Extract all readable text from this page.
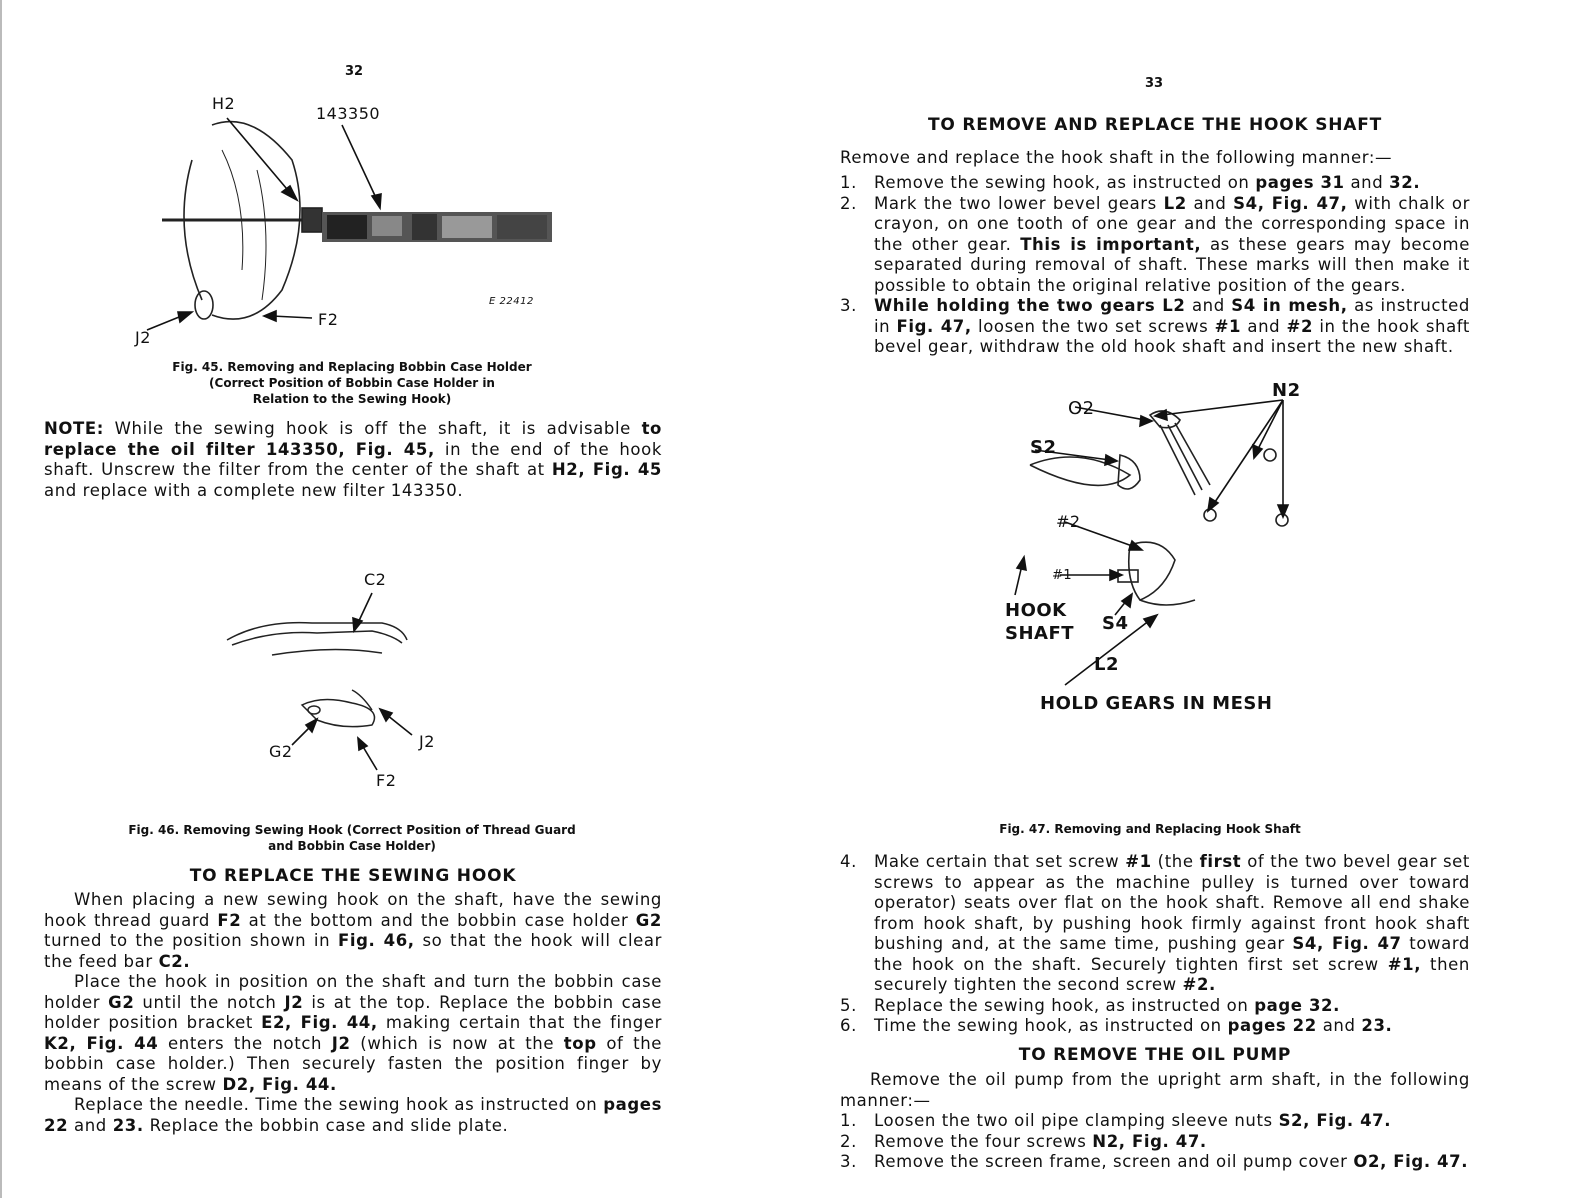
32
H2
143350
E 22412
F2
J2
Fig. 45. Removing and Replacing Bobbin Case Holder
(Correct Position of Bobbin Case Holder in
Relation to the Sewing Hook)
NOTE: While the sewing hook is off the shaft, it is advisable to replace the oil filter 143350, Fig. 45, in the end of the hook shaft. Unscrew the filter from the center of the shaft at H2, Fig. 45 and replace with a complete new filter 143350.
C2
G2
J2
F2
Fig. 46. Removing Sewing Hook (Correct Position of Thread Guard
and Bobbin Case Holder)
TO REPLACE THE SEWING HOOK
When placing a new sewing hook on the shaft, have the sewing hook thread guard F2 at the bottom and the bobbin case holder G2 turned to the position shown in Fig. 46, so that the hook will clear the feed bar C2.
Place the hook in position on the shaft and turn the bobbin case holder G2 until the notch J2 is at the top. Replace the bobbin case holder position bracket E2, Fig. 44, making certain that the finger K2, Fig. 44 enters the notch J2 (which is now at the top of the bobbin case holder.) Then securely fasten the position finger by means of the screw D2, Fig. 44.
Replace the needle. Time the sewing hook as instructed on pages 22 and 23. Replace the bobbin case and slide plate.
33
TO REMOVE AND REPLACE THE HOOK SHAFT
Remove and replace the hook shaft in the following manner:—
1.	Remove the sewing hook, as instructed on pages 31 and 32.
2.	Mark the two lower bevel gears L2 and S4, Fig. 47, with chalk or crayon, on one tooth of one gear and the corresponding space in the other gear. This is important, as these gears may become separated during removal of shaft. These marks will then make it possible to obtain the original relative position of the gears.
3.	While holding the two gears L2 and S4 in mesh, as instructed in Fig. 47, loosen the two set screws #1 and #2 in the hook shaft bevel gear, withdraw the old hook shaft and insert the new shaft.
N2
O2
S2
#2
#1
HOOK
SHAFT S4
L2
HOLD GEARS IN MESH
Fig. 47. Removing and Replacing Hook Shaft
4.	Make certain that set screw #1 (the first of the two bevel gear set screws to appear as the machine pulley is turned over toward operator) seats over flat on the hook shaft. Remove all end shake from hook shaft, by pushing hook firmly against front hook shaft bushing and, at the same time, pushing gear S4, Fig. 47 toward the hook on the shaft. Securely tighten first set screw #1, then securely tighten the second screw #2.
5.	Replace the sewing hook, as instructed on page 32.
6.	Time the sewing hook, as instructed on pages 22 and 23.
TO REMOVE THE OIL PUMP
Remove the oil pump from the upright arm shaft, in the following manner:—
1.	Loosen the two oil pipe clamping sleeve nuts S2, Fig. 47.
2.	Remove the four screws N2, Fig. 47.
3.	Remove the screen frame, screen and oil pump cover O2, Fig. 47.
